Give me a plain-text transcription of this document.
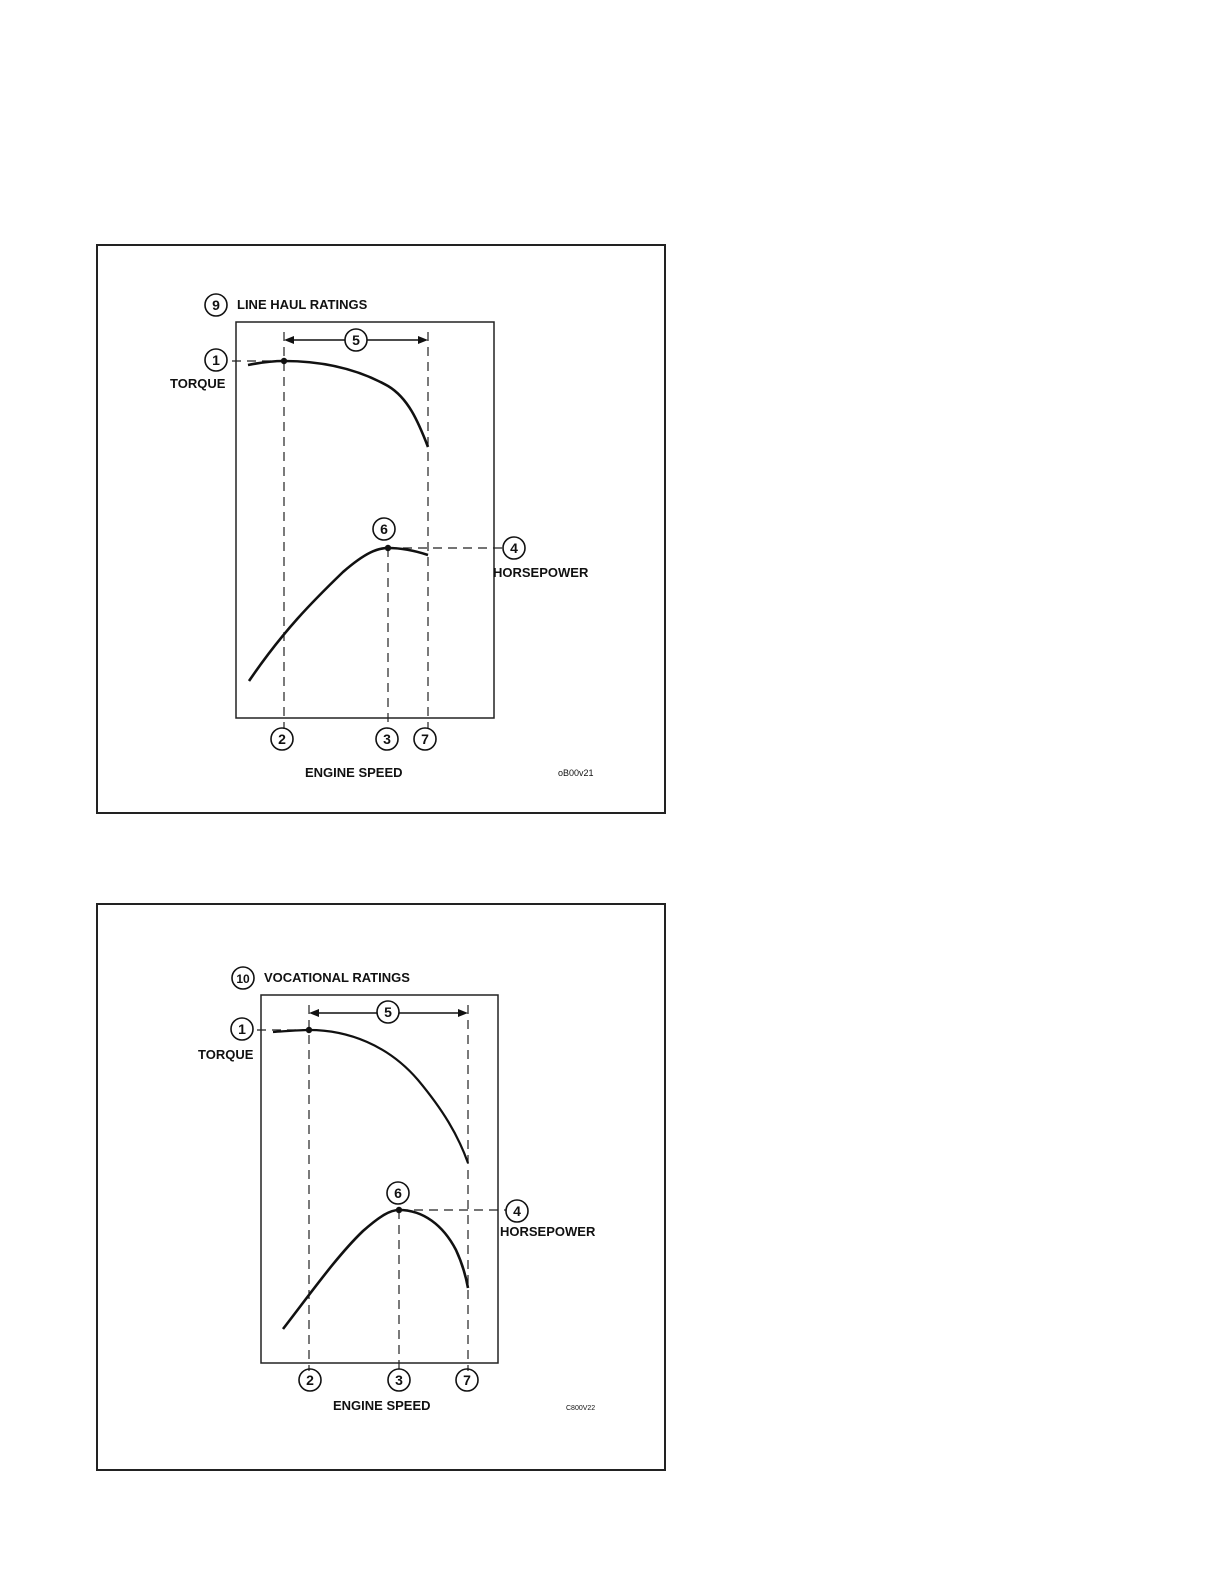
9 LINE HAUL RATINGS
5
1
TORQUE
6
4
HORSEPOWER
2	3 7
ENGINE SPEED	oB00v21
10 VOCATIONAL RATINGS
5
1
TORQUE
6
4
HORSEPOWER
2	3	7
ENGINE SPEED	C800V22
